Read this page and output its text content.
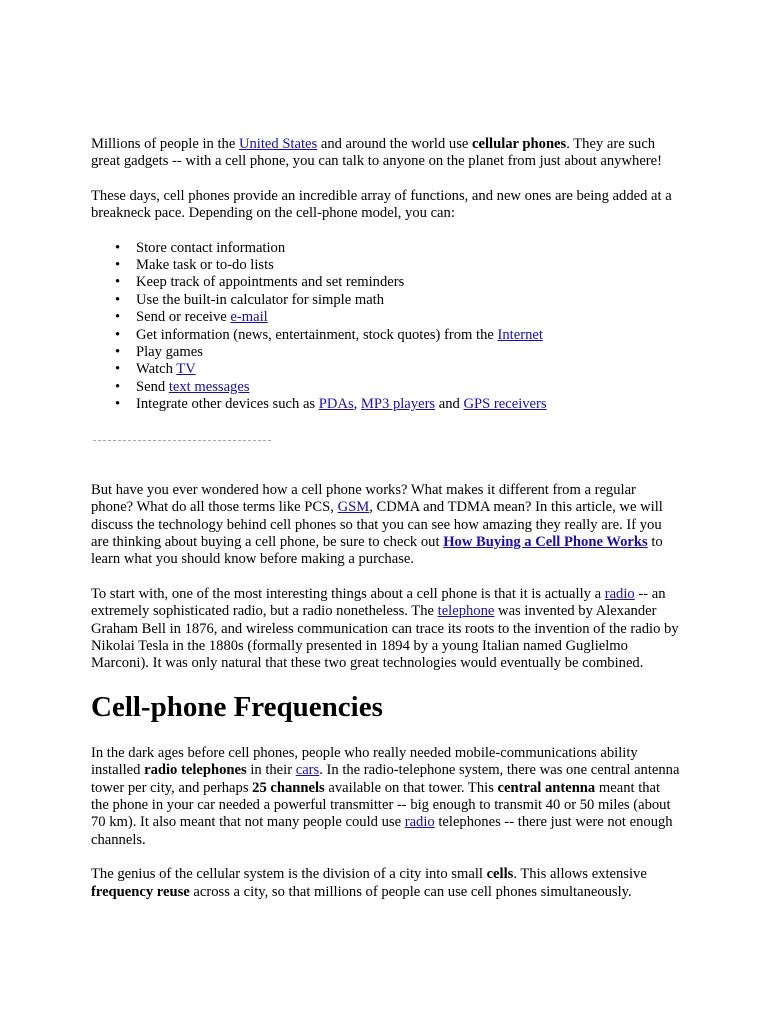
Millions of people in the United States and around the world use cellular phones. They are such great gadgets -- with a cell phone, you can talk to anyone on the planet from just about anywhere!

These days, cell phones provide an incredible array of functions, and new ones are being added at a breakneck pace. Depending on the cell-phone model, you can:

• Store contact information
• Make task or to-do lists
• Keep track of appointments and set reminders
• Use the built-in calculator for simple math
• Send or receive e-mail
• Get information (news, entertainment, stock quotes) from the Internet
• Play games
• Watch TV
• Send text messages
• Integrate other devices such as PDAs, MP3 players and GPS receivers

But have you ever wondered how a cell phone works? What makes it different from a regular phone? What do all those terms like PCS, GSM, CDMA and TDMA mean? In this article, we will discuss the technology behind cell phones so that you can see how amazing they really are. If you are thinking about buying a cell phone, be sure to check out How Buying a Cell Phone Works to learn what you should know before making a purchase.

To start with, one of the most interesting things about a cell phone is that it is actually a radio -- an extremely sophisticated radio, but a radio nonetheless. The telephone was invented by Alexander Graham Bell in 1876, and wireless communication can trace its roots to the invention of the radio by Nikolai Tesla in the 1880s (formally presented in 1894 by a young Italian named Guglielmo Marconi). It was only natural that these two great technologies would eventually be combined.

Cell-phone Frequencies

In the dark ages before cell phones, people who really needed mobile-communications ability installed radio telephones in their cars. In the radio-telephone system, there was one central antenna tower per city, and perhaps 25 channels available on that tower. This central antenna meant that the phone in your car needed a powerful transmitter -- big enough to transmit 40 or 50 miles (about 70 km). It also meant that not many people could use radio telephones -- there just were not enough channels.

The genius of the cellular system is the division of a city into small cells. This allows extensive frequency reuse across a city, so that millions of people can use cell phones simultaneously.
